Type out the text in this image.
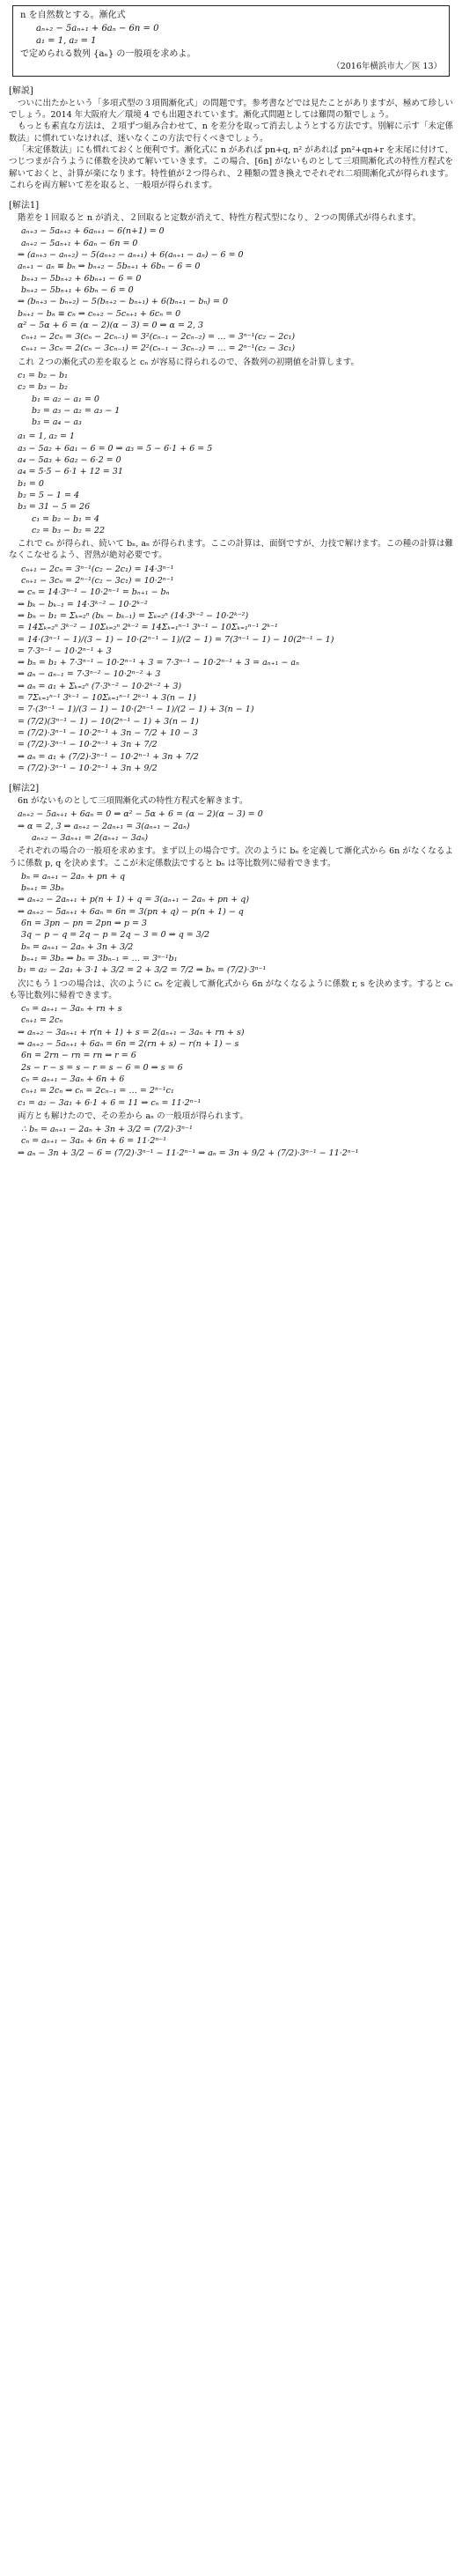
n を自然数とする。漸化式
aₙ₊₂ − 5aₙ₊₁ + 6aₙ − 6n = 0
a₁ = 1, a₂ = 1
で定められる数列 {aₙ} の一般項を求めよ。
（2016年横浜市大／医 13）
[解説]

ついに出たかという「多項式型の３項間漸化式」の問題です。参考書などでは見たことがありますが、極めて珍しいでしょう。2014 年大阪府大／環境 4 でも出題されています。漸化式問題としては難問の類でしょう。

もっとも素直な方法は、２項ずつ組み合わせて、n を差分を取って消去しようとする方法です。別解に示す「未定係数法」に慣れていなければ、迷いなくこの方法で行くべきでしょう。

「未定係数法」にも慣れておくと便利です。漸化式に n があれば pn+q, n² があれば pn²+qn+r を末尾に付けて、つじつまが合うように係数を決めて解いていきます。この場合、[6n] がないものとして三項間漸化式の特性方程式を解いておくと、計算が楽になります。特性値が２つ得られ、２種類の置き換えでそれぞれ二項間漸化式が得られます。これらを両方解いて差を取ると、一般項が得られます。

[解法1]

階差を１回取ると n が消え、２回取ると定数が消えて、特性方程式型になり、２つの関係式が得られます。

aₙ₊₃ − 5aₙ₊₂ + 6aₙ₊₁ − 6(n+1) = 0
aₙ₊₂ − 5aₙ₊₁ + 6aₙ − 6n = 0
⇒ (aₙ₊₃ − aₙ₊₂) − 5(aₙ₊₂ − aₙ₊₁) + 6(aₙ₊₁ − aₙ) − 6 = 0
aₙ₊₁ − aₙ ≡ bₙ ⇒ bₙ₊₂ − 5bₙ₊₁ + 6bₙ − 6 = 0
bₙ₊₃ − 5bₙ₊₂ + 6bₙ₊₁ − 6 = 0
bₙ₊₂ − 5bₙ₊₁ + 6bₙ − 6 = 0
⇒ (bₙ₊₃ − bₙ₊₂) − 5(bₙ₊₂ − bₙ₊₁) + 6(bₙ₊₁ − bₙ) = 0
bₙ₊₁ − bₙ ≡ cₙ ⇒ cₙ₊₂ − 5cₙ₊₁ + 6cₙ = 0
α² − 5α + 6 = (α − 2)(α − 3) = 0 ⇒ α = 2, 3
cₙ₊₁ − 2cₙ = 3(cₙ − 2cₙ₋₁) = 3²(cₙ₋₁ − 2cₙ₋₂) = … = 3ⁿ⁻¹(c₂ − 2c₁)
cₙ₊₁ − 3cₙ = 2(cₙ − 3cₙ₋₁) = 2²(cₙ₋₁ − 3cₙ₋₂) = … = 2ⁿ⁻¹(c₂ − 3c₁)

これ ２つの漸化式の差を取ると cₙ が容易に得られるので、各数列の初期値を計算します。

c₁ = b₂ − b₁
c₂ = b₃ − b₂
b₁ = a₂ − a₁ = 0
b₂ = a₃ − a₂ = a₃ − 1
b₃ = a₄ − a₃
a₁ = 1, a₂ = 1
a₃ − 5a₂ + 6a₁ − 6 = 0 ⇒ a₃ = 5 − 6·1 + 6 = 5
a₄ − 5a₃ + 6a₂ − 6·2 = 0
a₄ = 5·5 − 6·1 + 12 = 31
b₁ = 0
b₂ = 5 − 1 = 4
b₃ = 31 − 5 = 26
c₁ = b₂ − b₁ = 4
c₂ = b₃ − b₂ = 22

これで cₙ が得られ、続いて bₙ, aₙ が得られます。ここの計算は、面倒ですが、力技で解けます。この種の計算は難なくこなせるよう、習熟が絶対必要です。

cₙ₊₁ − 2cₙ = 3ⁿ⁻¹(c₂ − 2c₁) = 14·3ⁿ⁻¹
cₙ₊₁ − 3cₙ = 2ⁿ⁻¹(c₂ − 3c₁) = 10·2ⁿ⁻¹
⇒ cₙ = 14·3ⁿ⁻¹ − 10·2ⁿ⁻¹ = bₙ₊₁ − bₙ
⇒ bₖ − bₖ₋₁ = 14·3ᵏ⁻² − 10·2ᵏ⁻²
⇒ bₙ − b₁ = Σₖ₌₂ⁿ (bₖ − bₖ₋₁) = Σₖ₌₂ⁿ (14·3ᵏ⁻² − 10·2ᵏ⁻²)
= 14Σₖ₌₂ⁿ 3ᵏ⁻² − 10Σₖ₌₂ⁿ 2ᵏ⁻² = 14Σₖ₌₁ⁿ⁻¹ 3ᵏ⁻¹ − 10Σₖ₌₁ⁿ⁻¹ 2ᵏ⁻¹
= 14·(3ⁿ⁻¹ − 1)/(3 − 1) − 10·(2ⁿ⁻¹ − 1)/(2 − 1) = 7(3ⁿ⁻¹ − 1) − 10(2ⁿ⁻¹ − 1)
= 7·3ⁿ⁻¹ − 10·2ⁿ⁻¹ + 3
⇒ bₙ = b₁ + 7·3ⁿ⁻¹ − 10·2ⁿ⁻¹ + 3 = 7·3ⁿ⁻¹ − 10·2ⁿ⁻¹ + 3 = aₙ₊₁ − aₙ
⇒ aₙ − aₙ₋₁ = 7·3ⁿ⁻² − 10·2ⁿ⁻² + 3
⇒ aₙ = a₁ + Σₖ₌₂ⁿ (7·3ᵏ⁻² − 10·2ᵏ⁻² + 3)
= 7Σₖ₌₁ⁿ⁻¹ 3ᵏ⁻¹ − 10Σₖ₌₁ⁿ⁻¹ 2ᵏ⁻¹ + 3(n − 1)
= 7·(3ⁿ⁻¹ − 1)/(3 − 1) − 10·(2ⁿ⁻¹ − 1)/(2 − 1) + 3(n − 1)
= (7/2)(3ⁿ⁻¹ − 1) − 10(2ⁿ⁻¹ − 1) + 3(n − 1)
= (7/2)·3ⁿ⁻¹ − 10·2ⁿ⁻¹ + 3n − 7/2 + 10 − 3
= (7/2)·3ⁿ⁻¹ − 10·2ⁿ⁻¹ + 3n + 7/2
⇒ aₙ = a₁ + (7/2)·3ⁿ⁻¹ − 10·2ⁿ⁻¹ + 3n + 7/2
= (7/2)·3ⁿ⁻¹ − 10·2ⁿ⁻¹ + 3n + 9/2
[解法2]

6n がないものとして三項間漸化式の特性方程式を解きます。

aₙ₊₂ − 5aₙ₊₁ + 6aₙ = 0 ⇒ α² − 5α + 6 = (α − 2)(α − 3) = 0
⇒ α = 2, 3 ⇒ aₙ₊₂ − 2aₙ₊₁ = 3(aₙ₊₁ − 2aₙ)
aₙ₊₂ − 3aₙ₊₁ = 2(aₙ₊₁ − 3aₙ)

それぞれの場合の一般項を求めます。まず以上の場合です。次のように bₙ を定義して漸化式から 6n がなくなるように係数 p, q を決めます。ここが未定係数法ですると bₙ は等比数列に帰着できます。

bₙ = aₙ₊₁ − 2aₙ + pn + q
bₙ₊₁ = 3bₙ
⇒ aₙ₊₂ − 2aₙ₊₁ + p(n + 1) + q = 3(aₙ₊₁ − 2aₙ + pn + q)
⇒ aₙ₊₂ − 5aₙ₊₁ + 6aₙ = 6n = 3(pn + q) − p(n + 1) − q
6n = 3pn − pn = 2pn ⇒ p = 3
3q − p − q = 2q − p = 2q − 3 = 0 ⇒ q = 3/2
bₙ = aₙ₊₁ − 2aₙ + 3n + 3/2
bₙ₊₁ = 3bₙ ⇒ bₙ = 3bₙ₋₁ = … = 3ⁿ⁻¹b₁
b₁ = a₂ − 2a₁ + 3·1 + 3/2 = 2 + 3/2 = 7/2 ⇒ bₙ = (7/2)·3ⁿ⁻¹

次にもう１つの場合は、次のように cₙ を定義して漸化式から 6n がなくなるように係数 r, s を決めます。すると cₙ も等比数列に帰着できます。

cₙ = aₙ₊₁ − 3aₙ + rn + s
cₙ₊₁ = 2cₙ
⇒ aₙ₊₂ − 3aₙ₊₁ + r(n + 1) + s = 2(aₙ₊₁ − 3aₙ + rn + s)
⇒ aₙ₊₂ − 5aₙ₊₁ + 6aₙ = 6n = 2(rn + s) − r(n + 1) − s
6n = 2rn − rn = rn ⇒ r = 6
2s − r − s = s − r = s − 6 = 0 ⇒ s = 6
cₙ = aₙ₊₁ − 3aₙ + 6n + 6
cₙ₊₁ = 2cₙ ⇒ cₙ = 2cₙ₋₁ = … = 2ⁿ⁻¹c₁
c₁ = a₂ − 3a₁ + 6·1 + 6 = 11 ⇒ cₙ = 11·2ⁿ⁻¹

両方とも解けたので、その差から aₙ の一般項が得られます。

∴ bₙ = aₙ₊₁ − 2aₙ + 3n + 3/2 = (7/2)·3ⁿ⁻¹
cₙ = aₙ₊₁ − 3aₙ + 6n + 6 = 11·2ⁿ⁻¹
⇒ aₙ − 3n + 3/2 − 6 = (7/2)·3ⁿ⁻¹ − 11·2ⁿ⁻¹ ⇒ aₙ = 3n + 9/2 + (7/2)·3ⁿ⁻¹ − 11·2ⁿ⁻¹
